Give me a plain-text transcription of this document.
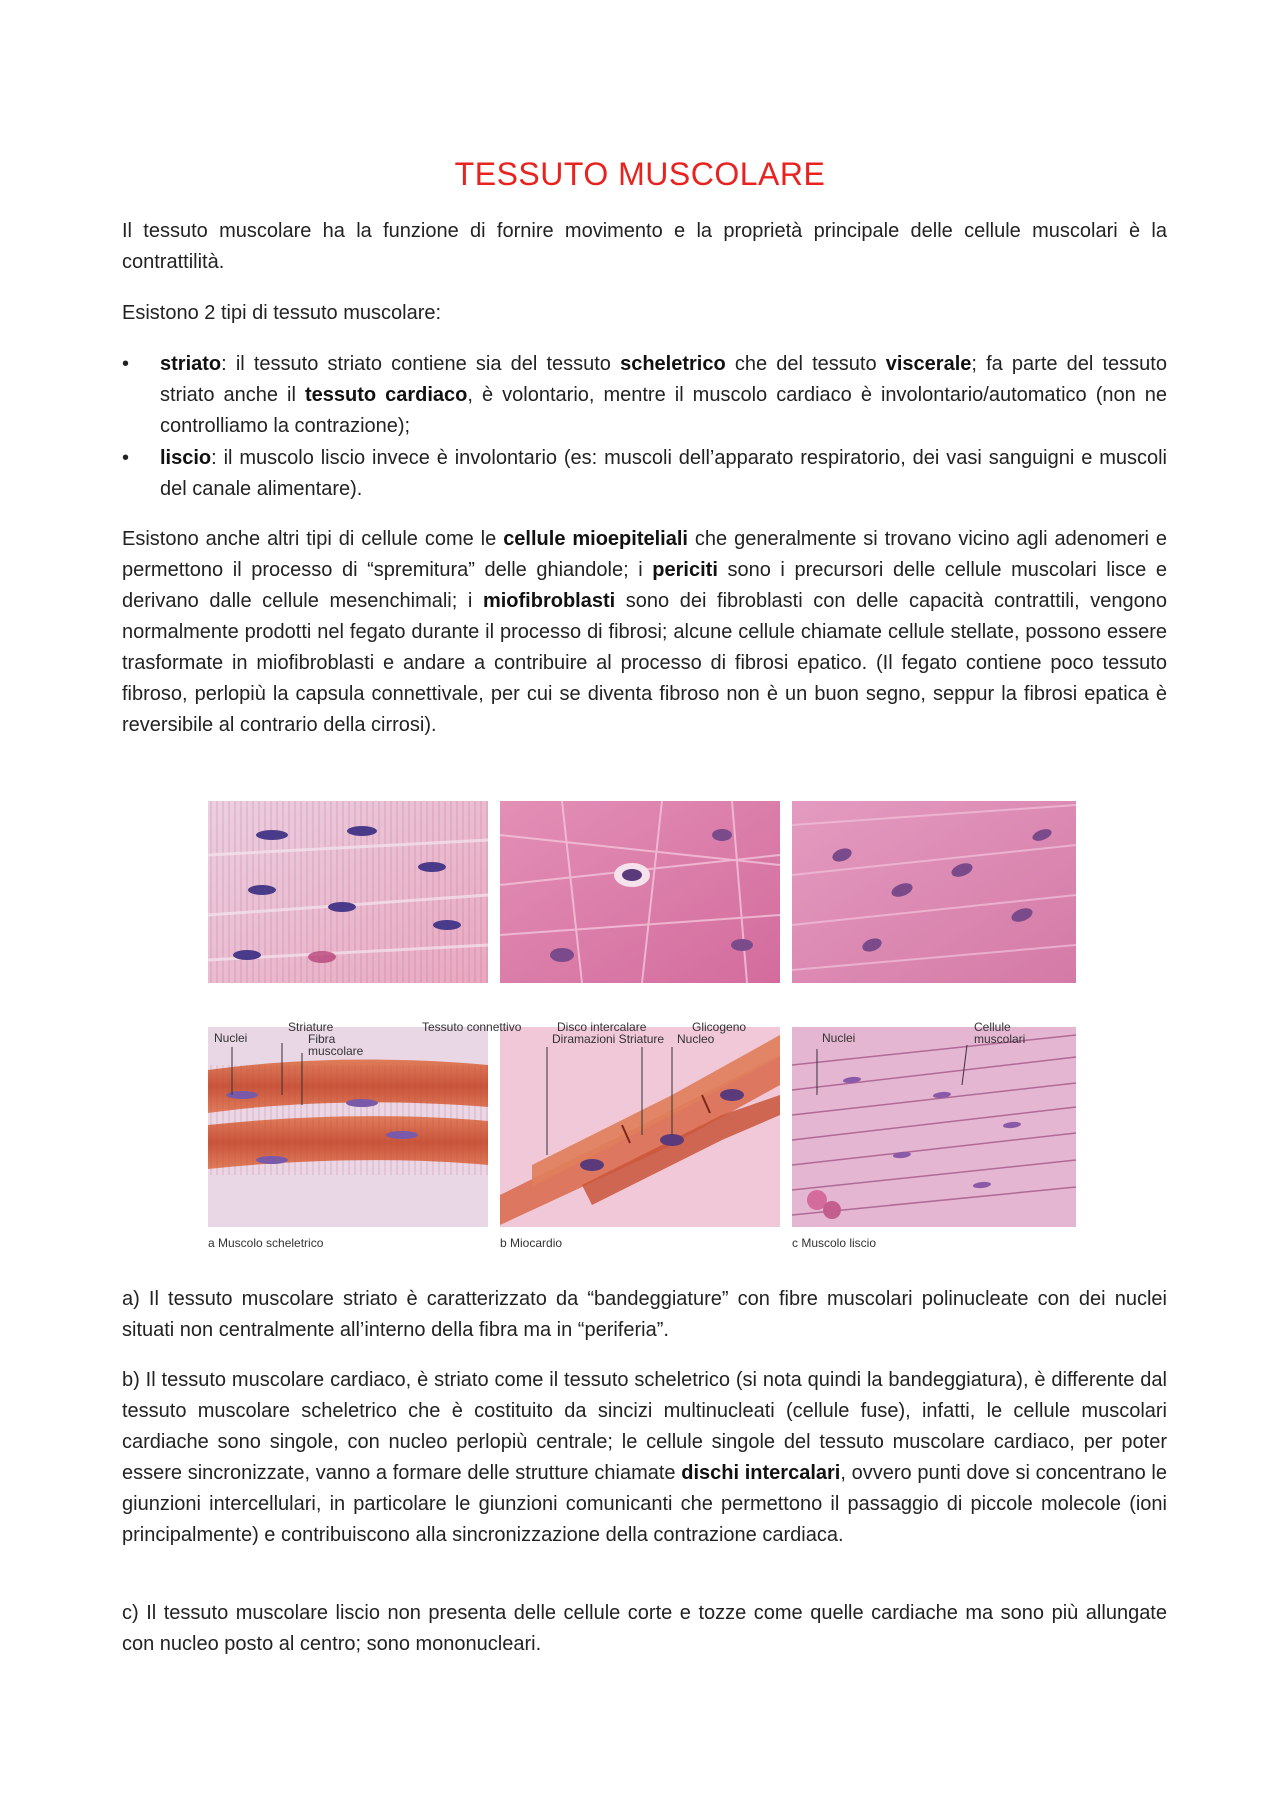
TESSUTO MUSCOLARE
Il tessuto muscolare ha la funzione di fornire movimento e la proprietà principale delle cellule muscolari è la contrattilità.
Esistono 2 tipi di tessuto muscolare:
• striato: il tessuto striato contiene sia del tessuto scheletrico che del tessuto viscerale; fa parte del tessuto striato anche il tessuto cardiaco, è volontario, mentre il muscolo cardiaco è involontario/automatico (non ne controlliamo la contrazione);
• liscio: il muscolo liscio invece è involontario (es: muscoli dell’apparato respiratorio, dei vasi sanguigni e muscoli del canale alimentare).
Esistono anche altri tipi di cellule come le cellule mioepiteliali che generalmente si trovano vicino agli adenomeri e permettono il processo di “spremitura” delle ghiandole; i periciti sono i precursori delle cellule muscolari lisce e derivano dalle cellule mesenchimali; i miofibroblasti sono dei fibroblasti con delle capacità contrattili, vengono normalmente prodotti nel fegato durante il processo di fibrosi; alcune cellule chiamate cellule stellate, possono essere trasformate in miofibroblasti e andare a contribuire al processo di fibrosi epatico. (Il fegato contiene poco tessuto fibroso, perlopiù la capsula connettivale, per cui se diventa fibroso non è un buon segno, seppur la fibrosi epatica è reversibile al contrario della cirrosi).
Nuclei
Striature
Fibra
muscolare
Tessuto connettivo	Disco intercalare
Diramazioni Striature
Glicogeno
Nucleo	Nuclei
Cellule
muscolari
a Muscolo scheletrico	b Miocardio	c Muscolo liscio
a) Il tessuto muscolare striato è caratterizzato da “bandeggiature” con fibre muscolari polinucleate con dei nuclei situati non centralmente all’interno della fibra ma in “periferia”.
b) Il tessuto muscolare cardiaco, è striato come il tessuto scheletrico (si nota quindi la bandeggiatura), è differente dal tessuto muscolare scheletrico che è costituito da sincizi multinucleati (cellule fuse), infatti, le cellule muscolari cardiache sono singole, con nucleo perlopiù centrale; le cellule singole del tessuto muscolare cardiaco, per poter essere sincronizzate, vanno a formare delle strutture chiamate dischi intercalari, ovvero punti dove si concentrano le giunzioni intercellulari, in particolare le giunzioni comunicanti che permettono il passaggio di piccole molecole (ioni principalmente) e contribuiscono alla sincronizzazione della contrazione cardiaca.
c) Il tessuto muscolare liscio non presenta delle cellule corte e tozze come quelle cardiache ma sono più allungate con nucleo posto al centro; sono mononucleari.
